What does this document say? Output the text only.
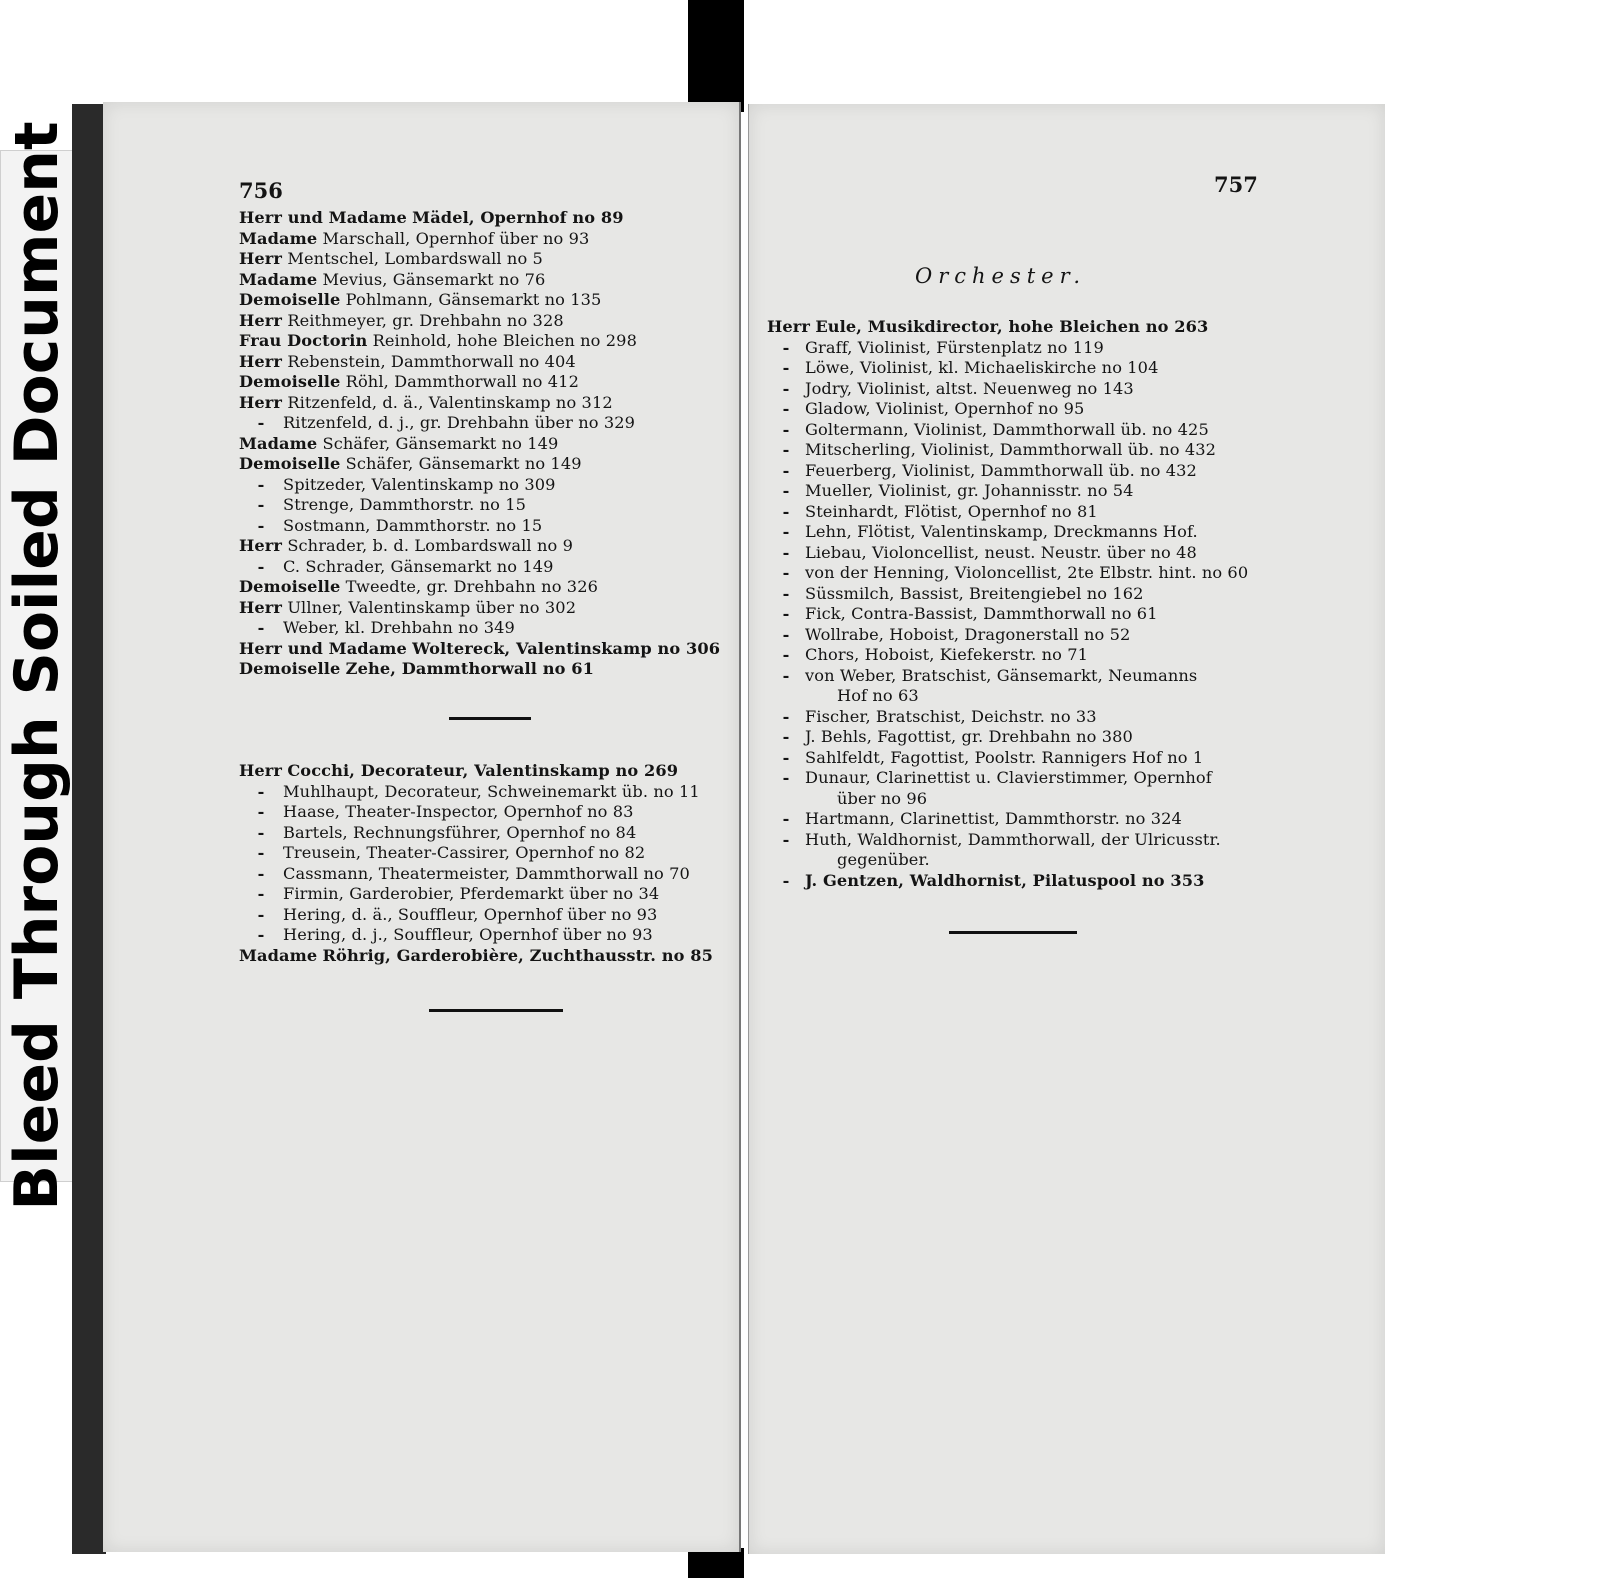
Bleed Through Soiled Document	756
Herr und Madame Mädel, Opernhof no 89
Madame Marschall, Opernhof über no 93
Herr Mentschel, Lombardswall no 5
Madame Mevius, Gänsemarkt no 76
Demoiselle Pohlmann, Gänsemarkt no 135
Herr Reithmeyer, gr. Drehbahn no 328
Frau Doctorin Reinhold, hohe Bleichen no 298
Herr Rebenstein, Dammthorwall no 404
Demoiselle Röhl, Dammthorwall no 412
Herr Ritzenfeld, d. ä., Valentinskamp no 312
- Ritzenfeld, d. j., gr. Drehbahn über no 329
Madame Schäfer, Gänsemarkt no 149
Demoiselle Schäfer, Gänsemarkt no 149
- Spitzeder, Valentinskamp no 309
- Strenge, Dammthorstr. no 15
- Sostmann, Dammthorstr. no 15
Herr Schrader, b. d. Lombardswall no 9
- C. Schrader, Gänsemarkt no 149
Demoiselle Tweedte, gr. Drehbahn no 326
Herr Ullner, Valentinskamp über no 302
- Weber, kl. Drehbahn no 349
Herr und Madame Woltereck, Valentinskamp no 306
Demoiselle Zehe, Dammthorwall no 61
Herr Cocchi, Decorateur, Valentinskamp no 269
- Muhlhaupt, Decorateur, Schweinemarkt üb. no 11
- Haase, Theater-Inspector, Opernhof no 83
- Bartels, Rechnungsführer, Opernhof no 84
- Treusein, Theater-Cassirer, Opernhof no 82
- Cassmann, Theatermeister, Dammthorwall no 70
- Firmin, Garderobier, Pferdemarkt über no 34
- Hering, d. ä., Souffleur, Opernhof über no 93
- Hering, d. j., Souffleur, Opernhof über no 93
Madame Röhrig, Garderobière, Zuchthausstr. no 85
757
Orchester.
Herr Eule, Musikdirector, hohe Bleichen no 263
- Graff, Violinist, Fürstenplatz no 119
- Löwe, Violinist, kl. Michaeliskirche no 104
- Jodry, Violinist, altst. Neuenweg no 143
- Gladow, Violinist, Opernhof no 95
- Goltermann, Violinist, Dammthorwall üb. no 425
- Mitscherling, Violinist, Dammthorwall üb. no 432
- Feuerberg, Violinist, Dammthorwall üb. no 432
- Mueller, Violinist, gr. Johannisstr. no 54
- Steinhardt, Flötist, Opernhof no 81
- Lehn, Flötist, Valentinskamp, Dreckmanns Hof.
- Liebau, Violoncellist, neust. Neustr. über no 48
- von der Henning, Violoncellist, 2te Elbstr. hint. no 60
- Süssmilch, Bassist, Breitengiebel no 162
- Fick, Contra-Bassist, Dammthorwall no 61
- Wollrabe, Hoboist, Dragonerstall no 52
- Chors, Hoboist, Kiefekerstr. no 71
- von Weber, Bratschist, Gänsemarkt, Neumanns
Hof no 63
- Fischer, Bratschist, Deichstr. no 33
- J. Behls, Fagottist, gr. Drehbahn no 380
- Sahlfeldt, Fagottist, Poolstr. Rannigers Hof no 1
- Dunaur, Clarinettist u. Clavierstimmer, Opernhof
über no 96
- Hartmann, Clarinettist, Dammthorstr. no 324
- Huth, Waldhornist, Dammthorwall, der Ulricusstr.
gegenüber.
- J. Gentzen, Waldhornist, Pilatuspool no 353
